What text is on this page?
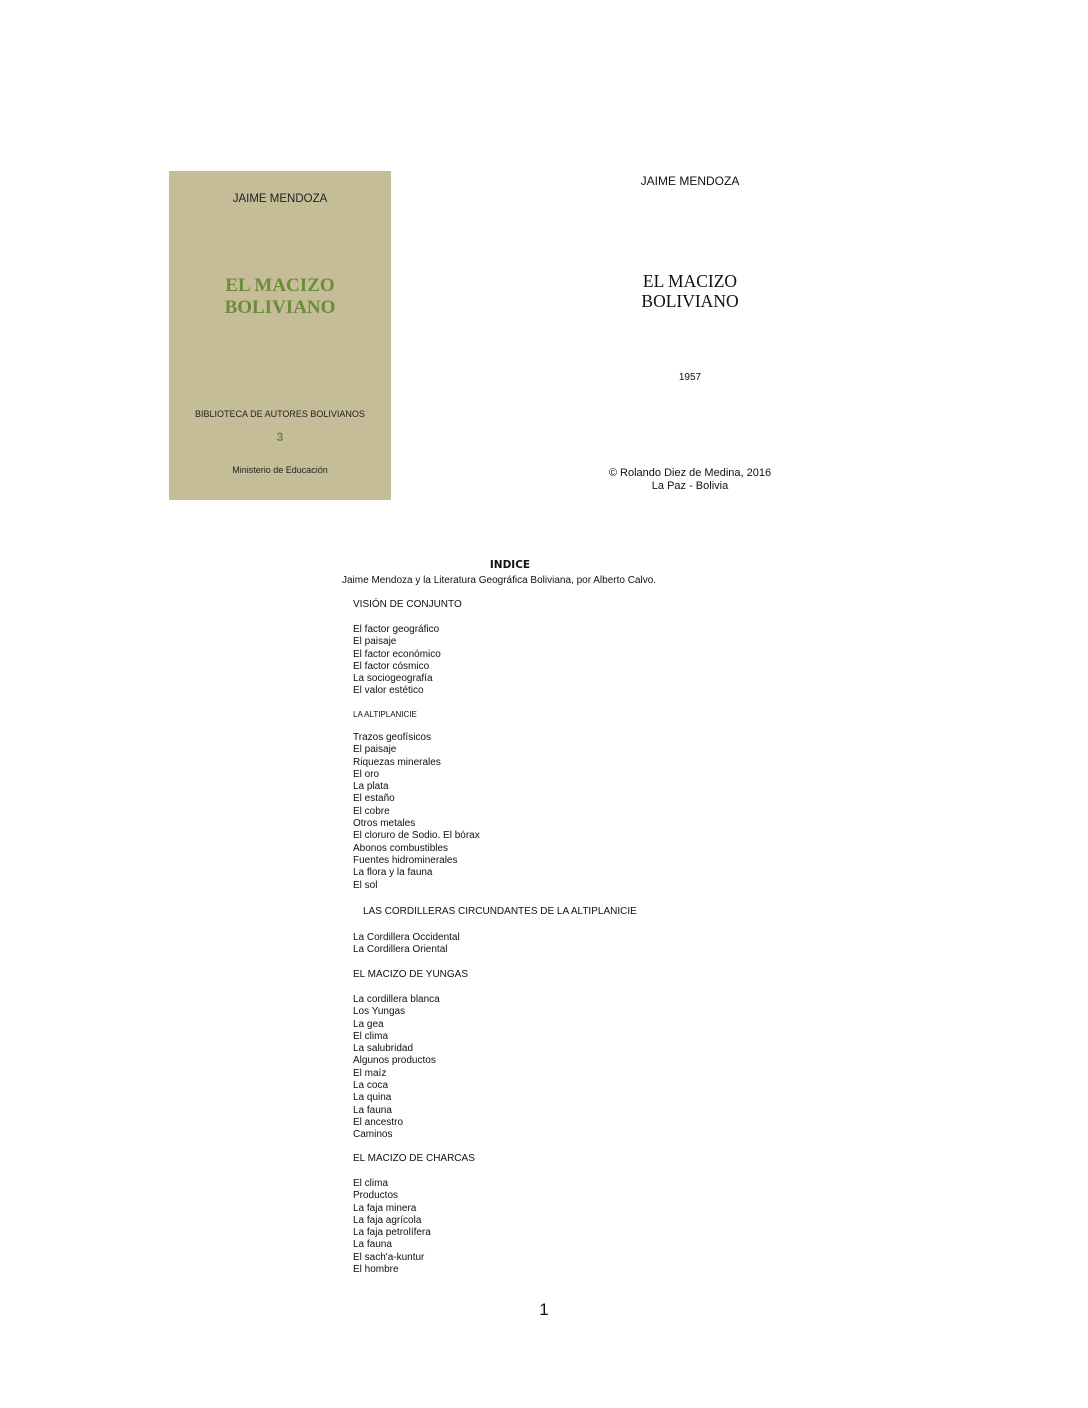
JAIME MENDOZA
EL MACIZO
BOLIVIANO
BIBLIOTECA DE AUTORES BOLIVIANOS
3
Ministerio de Educación
JAIME MENDOZA
EL MACIZO
BOLIVIANO
1957
© Rolando Diez de Medina, 2016
La Paz - Bolivia
INDICE
Jaime Mendoza y la Literatura Geográfica Boliviana, por Alberto Calvo.
VISIÓN DE CONJUNTO
El factor geográfico
El paisaje
El factor económico
El factor cósmico
La sociogeografía
El valor estético
LA ALTIPLANICIE
Trazos geofísicos
El paisaje
Riquezas minerales
El oro
La plata
El estaño
El cobre
Otros metales
El cloruro de Sodio. El bórax
Abonos combustibles
Fuentes hidrominerales
La flora y la fauna
El sol
LAS CORDILLERAS CIRCUNDANTES DE LA ALTIPLANICIE
La Cordillera Occidental
La Cordillera Oriental
EL MACIZO DE YUNGAS
La cordillera blanca
Los Yungas
La gea
El clima
La salubridad
Algunos productos
El maíz
La coca
La quina
La fauna
El ancestro
Caminos
EL MACIZO DE CHARCAS
El clima
Productos
La faja minera
La faja agrícola
La faja petrolífera
La fauna
El sach'a-kuntur
El hombre
1
